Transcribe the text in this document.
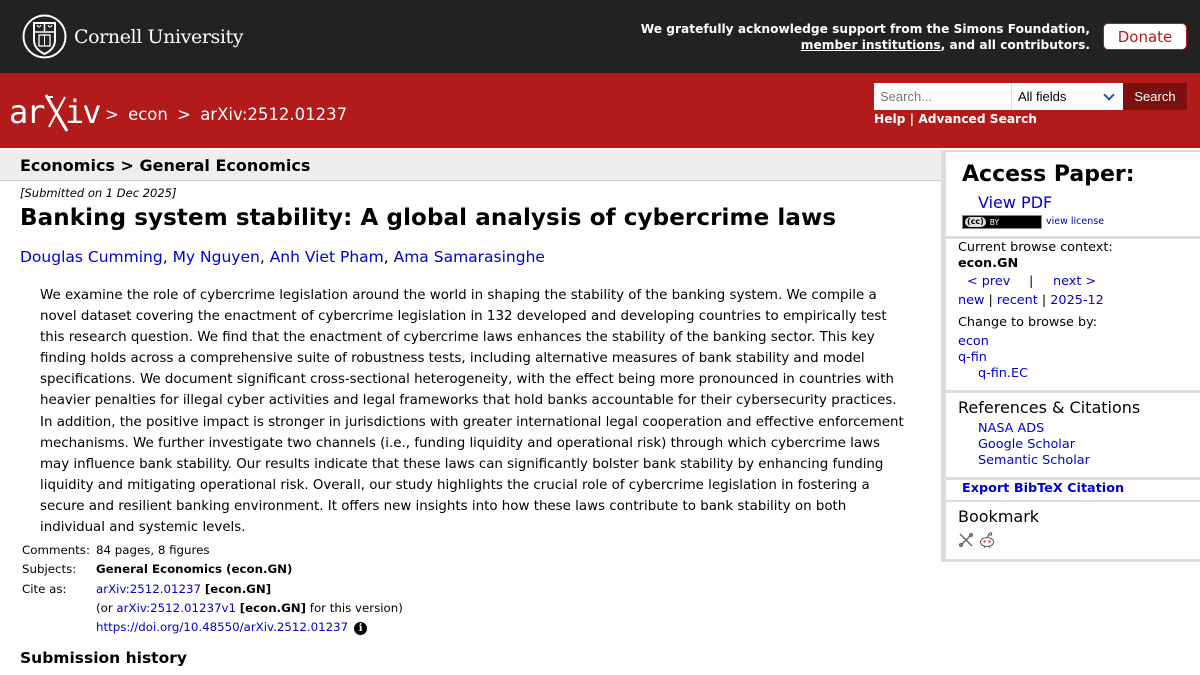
Cornell University	We gratefully acknowledge support from the Simons Foundation,
member institutions, and all contributors.	Donate
ar iv > econ > arXiv:2512.01237
Search...	All fields	Search
Help | Advanced Search
Economics > General Economics
[Submitted on 1 Dec 2025]
Banking system stability: A global analysis of cybercrime laws
Douglas Cumming, My Nguyen, Anh Viet Pham, Ama Samarasinghe
We examine the role of cybercrime legislation around the world in shaping the stability of the banking system. We compile a novel dataset covering the enactment of cybercrime legislation in 132 developed and developing countries to empirically test this research question. We find that the enactment of cybercrime laws enhances the stability of the banking sector. This key finding holds across a comprehensive suite of robustness tests, including alternative measures of bank stability and model specifications. We document significant cross-sectional heterogeneity, with the effect being more pronounced in countries with heavier penalties for illegal cyber activities and legal frameworks that hold banks accountable for their cybersecurity practices. In addition, the positive impact is stronger in jurisdictions with greater international legal cooperation and effective enforcement mechanisms. We further investigate two channels (i.e., funding liquidity and operational risk) through which cybercrime laws may influence bank stability. Our results indicate that these laws can significantly bolster bank stability by enhancing funding liquidity and mitigating operational risk. Overall, our study highlights the crucial role of cybercrime legislation in fostering a secure and resilient banking environment. It offers new insights into how these laws contribute to bank stability on both individual and systemic levels.
Comments: 84 pages, 8 figures
Subjects:	General Economics (econ.GN)
Cite as:	arXiv:2512.01237 [econ.GN]
(or arXiv:2512.01237v1 [econ.GN] for this version)
https://doi.org/10.48550/arXiv.2512.01237 i
Submission history
Access Paper:
View PDF
(cc) BY	view license
Current browse context:
econ.GN
< prev | next >
new | recent | 2025-12
Change to browse by:
econ
q-fin
q-fin.EC
References & Citations
NASA ADS
Google Scholar
Semantic Scholar
Export BibTeX Citation
Bookmark
